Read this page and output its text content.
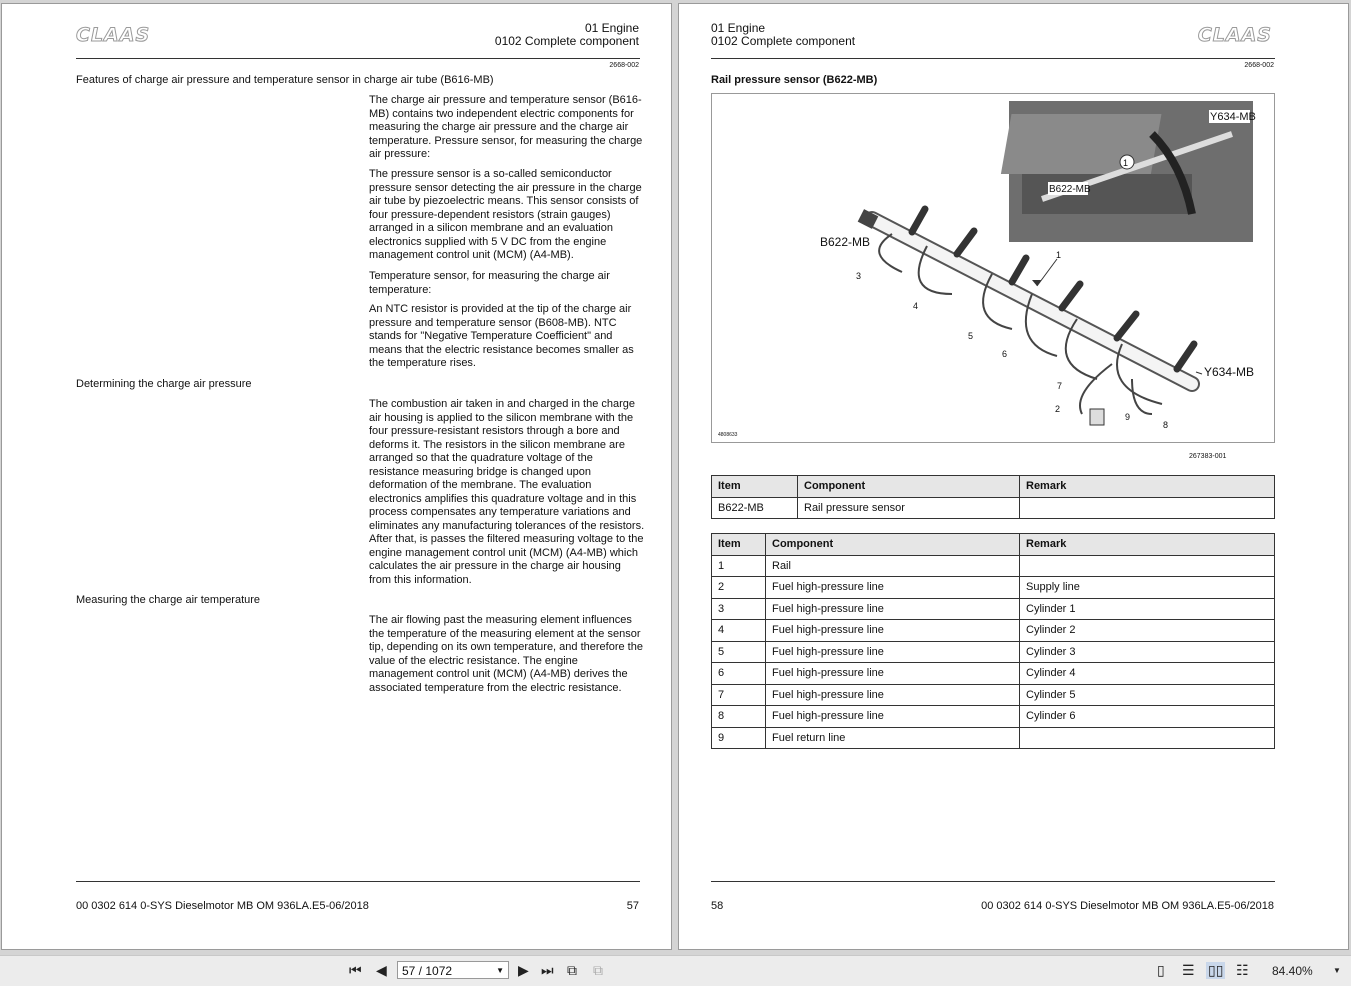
CLAAS	01 Engine
0102 Complete component
2668-002
Features of charge air pressure and temperature sensor in charge air tube (B616-MB)

The charge air pressure and temperature sensor (B616-MB) contains two independent electric components for measuring the charge air pressure and the charge air temperature. Pressure sensor, for measuring the charge air pressure:

The pressure sensor is a so-called semiconductor pressure sensor detecting the air pressure in the charge air tube by piezoelectric means. This sensor consists of four pressure-dependent resistors (strain gauges) arranged in a silicon membrane and an evaluation electronics supplied with 5 V DC from the engine management control unit (MCM) (A4-MB).

Temperature sensor, for measuring the charge air temperature:

An NTC resistor is provided at the tip of the charge air pressure and temperature sensor (B608-MB). NTC stands for "Negative Temperature Coefficient" and means that the electric resistance becomes smaller as the temperature rises.

Determining the charge air pressure

The combustion air taken in and charged in the charge air housing is applied to the silicon membrane with the four pressure-resistant resistors through a bore and deforms it. The resistors in the silicon membrane are arranged so that the quadrature voltage of the resistance measuring bridge is changed upon deformation of the membrane. The evaluation electronics amplifies this quadrature voltage and in this process compensates any temperature variations and eliminates any manufacturing tolerances of the resistors. After that, is passes the filtered measuring voltage to the engine management control unit (MCM) (A4-MB) which calculates the air pressure in the charge air housing from this information.

Measuring the charge air temperature

The air flowing past the measuring element influences the temperature of the measuring element at the sensor tip, depending on its own temperature, and therefore the value of the electric resistance. The engine management control unit (MCM) (A4-MB) derives the associated temperature from the electric resistance.

00 0302 614 0-SYS Dieselmotor MB OM 936LA.E5-06/2018	57
01 Engine
0102 Complete component	CLAAS
2668-002
Rail pressure sensor (B622-MB)
Y634-MB
B622-MB
1
B622-MB
Y634-MB
1
2
3
4
5
6
7
8
9
4808633
267383-001
Item	Component	Remark
B622-MB	Rail pressure sensor	
Item	Component	Remark
1	Rail	
2	Fuel high-pressure line	Supply line
3	Fuel high-pressure line	Cylinder 1
4	Fuel high-pressure line	Cylinder 2
5	Fuel high-pressure line	Cylinder 3
6	Fuel high-pressure line	Cylinder 4
7	Fuel high-pressure line	Cylinder 5
8	Fuel high-pressure line	Cylinder 6
9	Fuel return line	
58	00 0302 614 0-SYS Dieselmotor MB OM 936LA.E5-06/2018
⏮ ◀	57 / 1072	▼ ▶ ⏭ ⧉ ⧉	▯ ☰ ▯▯ ☷ 84.40%	▼
